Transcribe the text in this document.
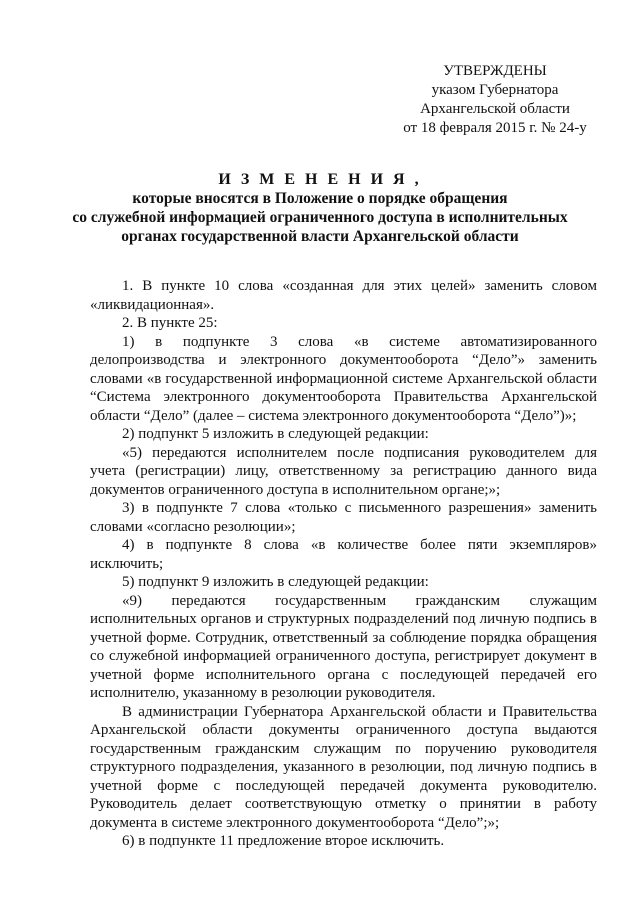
УТВЕРЖДЕНЫ
указом Губернатора
Архангельской области
от 18 февраля 2015 г. № 24-у
И З М Е Н Е Н И Я ,
которые вносятся в Положение о порядке обращения
со служебной информацией ограниченного доступа в исполнительных
органах государственной власти Архангельской области

1. В пункте 10 слова «созданная для этих целей» заменить словом «ликвидационная».

2. В пункте 25:

1) в подпункте 3 слова «в системе автоматизированного делопроизводства и электронного документооборота “Дело”» заменить словами «в государственной информационной системе Архангельской области “Система электронного документооборота Правительства Архангельской области “Дело” (далее – система электронного документооборота “Дело”)»;

2) подпункт 5 изложить в следующей редакции:

«5) передаются исполнителем после подписания руководителем для учета (регистрации) лицу, ответственному за регистрацию данного вида документов ограниченного доступа в исполнительном органе;»;

3) в подпункте 7 слова «только с письменного разрешения» заменить словами «согласно резолюции»;

4) в подпункте 8 слова «в количестве более пяти экземпляров» исключить;

5) подпункт 9 изложить в следующей редакции:

«9) передаются государственным гражданским служащим исполнительных органов и структурных подразделений под личную подпись в учетной форме. Сотрудник, ответственный за соблюдение порядка обращения со служебной информацией ограниченного доступа, регистрирует документ в учетной форме исполнительного органа с последующей передачей его исполнителю, указанному в резолюции руководителя.

В администрации Губернатора Архангельской области и Правительства Архангельской области документы ограниченного доступа выдаются государственным гражданским служащим по поручению руководителя структурного подразделения, указанного в резолюции, под личную подпись в учетной форме с последующей передачей документа руководителю. Руководитель делает соответствующую отметку о принятии в работу документа в системе электронного документооборота “Дело”;»;

6) в подпункте 11 предложение второе исключить.
